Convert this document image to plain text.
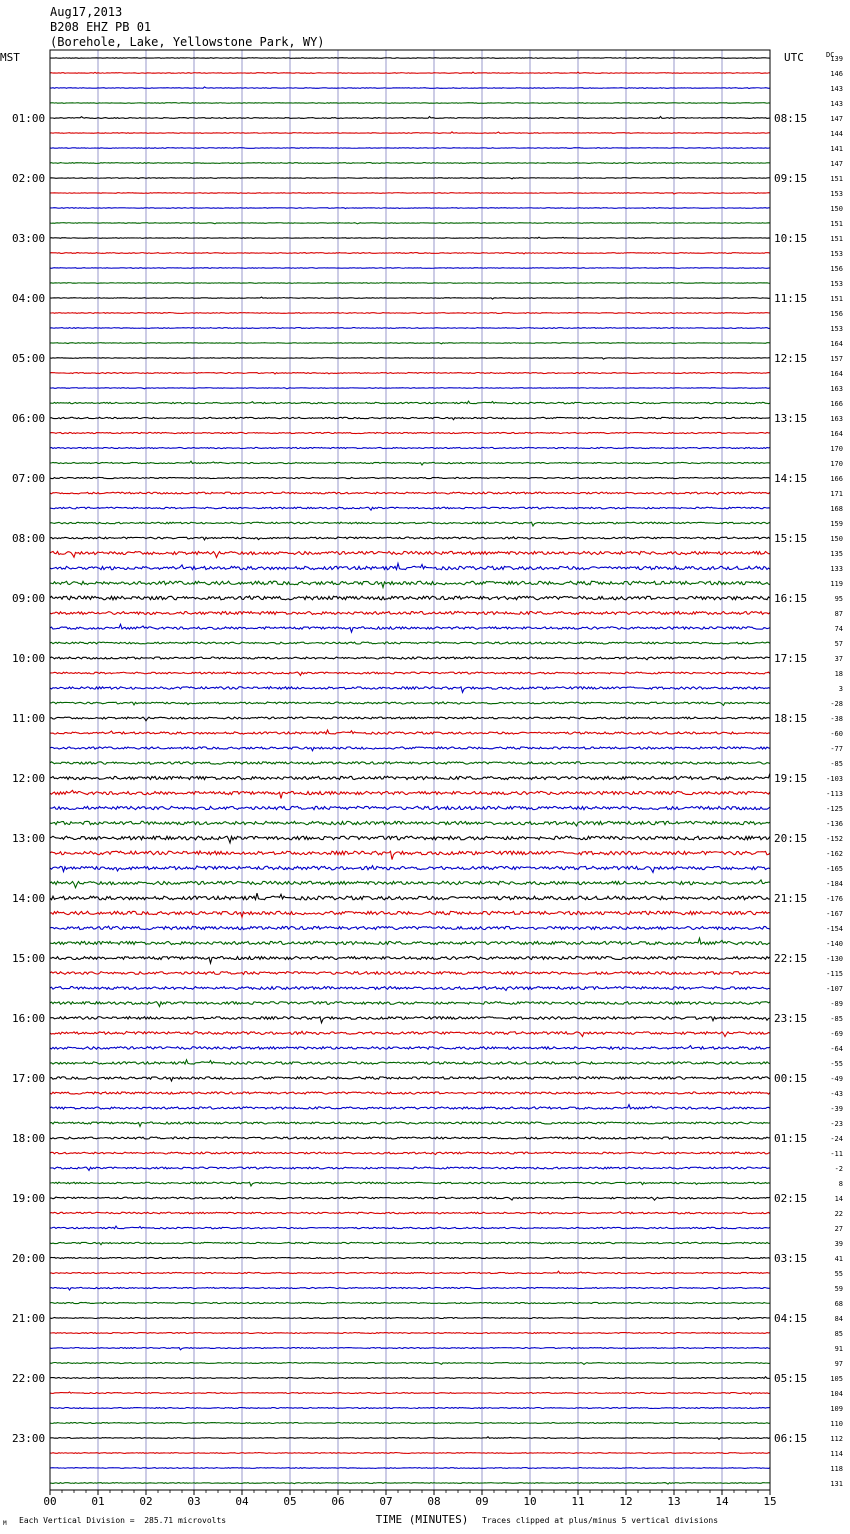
Aug17,2013
B208 EHZ PB 01
(Borehole, Lake, Yellowstone Park, WY)
MST	UTC	DC
01:00
02:00
03:00
04:00
05:00
06:00
07:00
08:00
09:00
10:00
11:00
12:00
13:00
14:00
15:00
16:00
17:00
18:00
19:00
20:00
21:00
22:00
23:00
08:15
09:15
10:15
11:15
12:15
13:15
14:15
15:15
16:15
17:15
18:15
19:15
20:15
21:15
22:15
23:15
00:15
01:15
02:15
03:15
04:15
05:15
06:15
139
146
143
143
147
144
141
147
151
153
150
151
151
153
156
153
151
156
153
164
157
164
163
166
163
164
170
170
166
171
168
159
150
135
133
119
95
87
74
57
37
18
3
-28
-38
-60
-77
-85
-103
-113
-125
-136
-152
-162
-165
-184
-176
-167
-154
-140
-130
-115
-107
-89
-85
-69
-64
-55
-49
-43
-39
-23
-24
-11
-2
8
14
22
27
39
41
55
59
68
84
85
91
97
105
104
109
110
112
114
118
131
00	01	02	03	04	05	06	07	08	09	10	11	12	13	14	15
TIME (MINUTES)
Each Vertical Division =  285.71 microvolts	Traces clipped at plus/minus 5 vertical divisions
M
